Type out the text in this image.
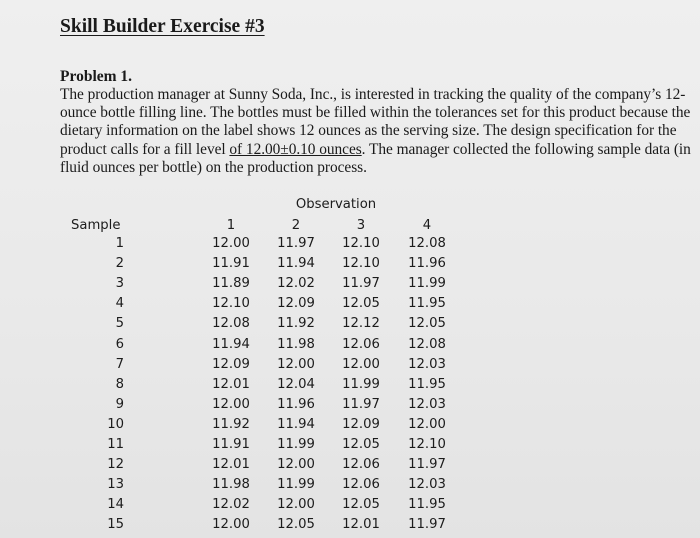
Skill Builder Exercise #3
Problem 1.

The production manager at Sunny Soda, Inc., is interested in tracking the quality of the company’s 12-ounce bottle filling line. The bottles must be filled within the tolerances set for this product because the dietary information on the label shows 12 ounces as the serving size. The design specification for the product calls for a fill level of 12.00±0.10 ounces. The manager collected the following sample data (in fluid ounces per bottle) on the production process.

Observation
Sample	1	2	3	4
1	12.00	11.97	12.10	12.08
2	11.91	11.94	12.10	11.96
3	11.89	12.02	11.97	11.99
4	12.10	12.09	12.05	11.95
5	12.08	11.92	12.12	12.05
6	11.94	11.98	12.06	12.08
7	12.09	12.00	12.00	12.03
8	12.01	12.04	11.99	11.95
9	12.00	11.96	11.97	12.03
10	11.92	11.94	12.09	12.00
11	11.91	11.99	12.05	12.10
12	12.01	12.00	12.06	11.97
13	11.98	11.99	12.06	12.03
14	12.02	12.00	12.05	11.95
15	12.00	12.05	12.01	11.97
